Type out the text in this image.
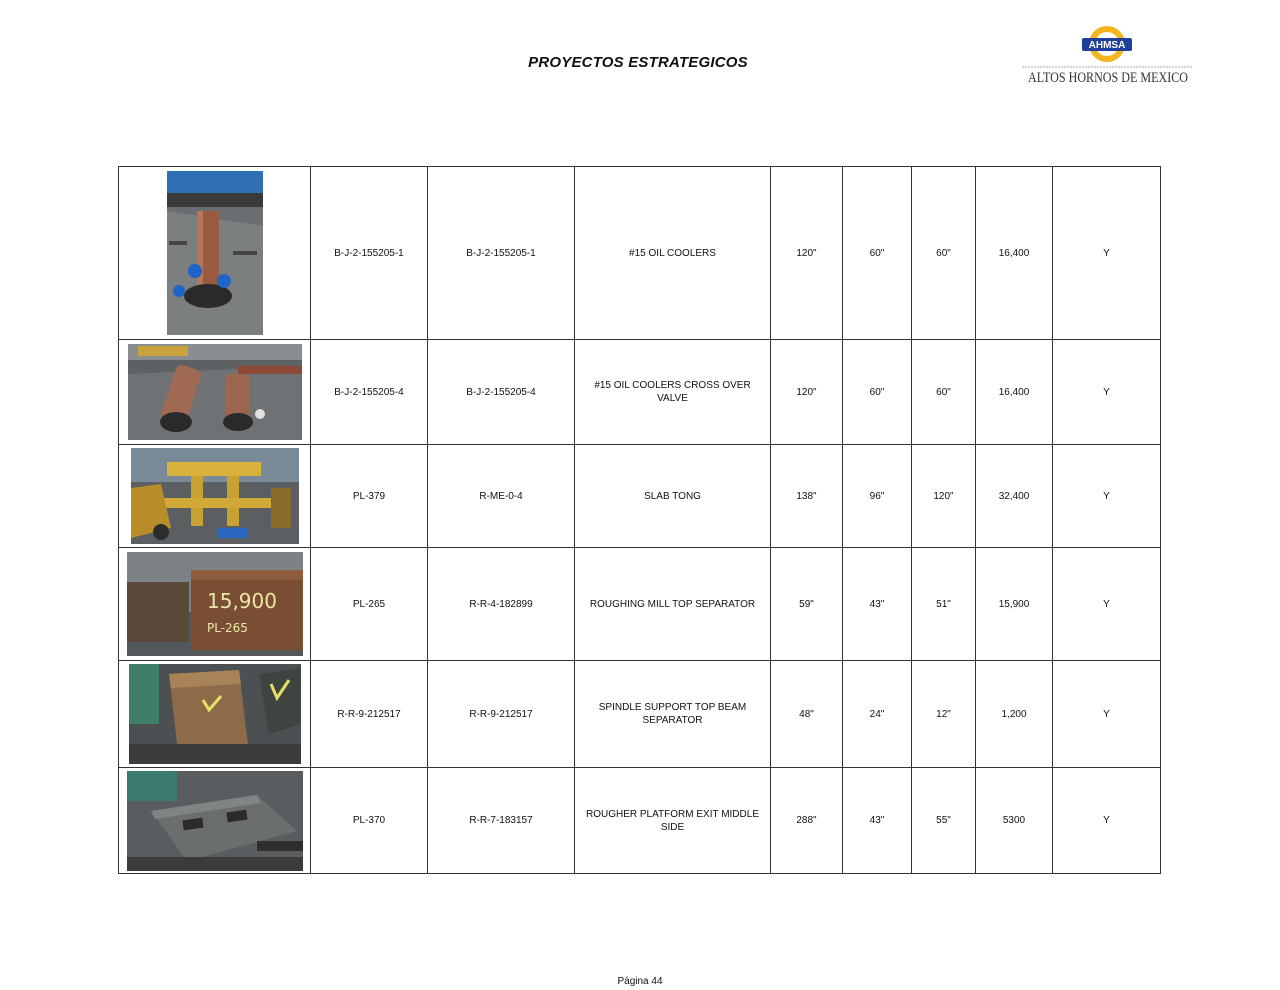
PROYECTOS ESTRATEGICOS
AHMSA
ALTOS HORNOS DE MEXICO
	B-J-2-155205-1	B-J-2-155205-1	#15 OIL COOLERS	120"	60"	60"	16,400	Y

	B-J-2-155205-4	B-J-2-155205-4	#15 OIL COOLERS CROSS OVER VALVE	120"	60"	60"	16,400	Y

	PL-379	R-ME-0-4	SLAB TONG	138"	96"	120"	32,400	Y

15,900
PL-265	PL-265	R-R-4-182899	ROUGHING MILL TOP SEPARATOR	59"	43"	51"	15,900	Y

	R-R-9-212517	R-R-9-212517	SPINDLE SUPPORT TOP BEAM SEPARATOR	48"	24"	12"	1,200	Y

	PL-370	R-R-7-183157	ROUGHER PLATFORM EXIT MIDDLE SIDE	288"	43"	55"	5300	Y
Página 44
